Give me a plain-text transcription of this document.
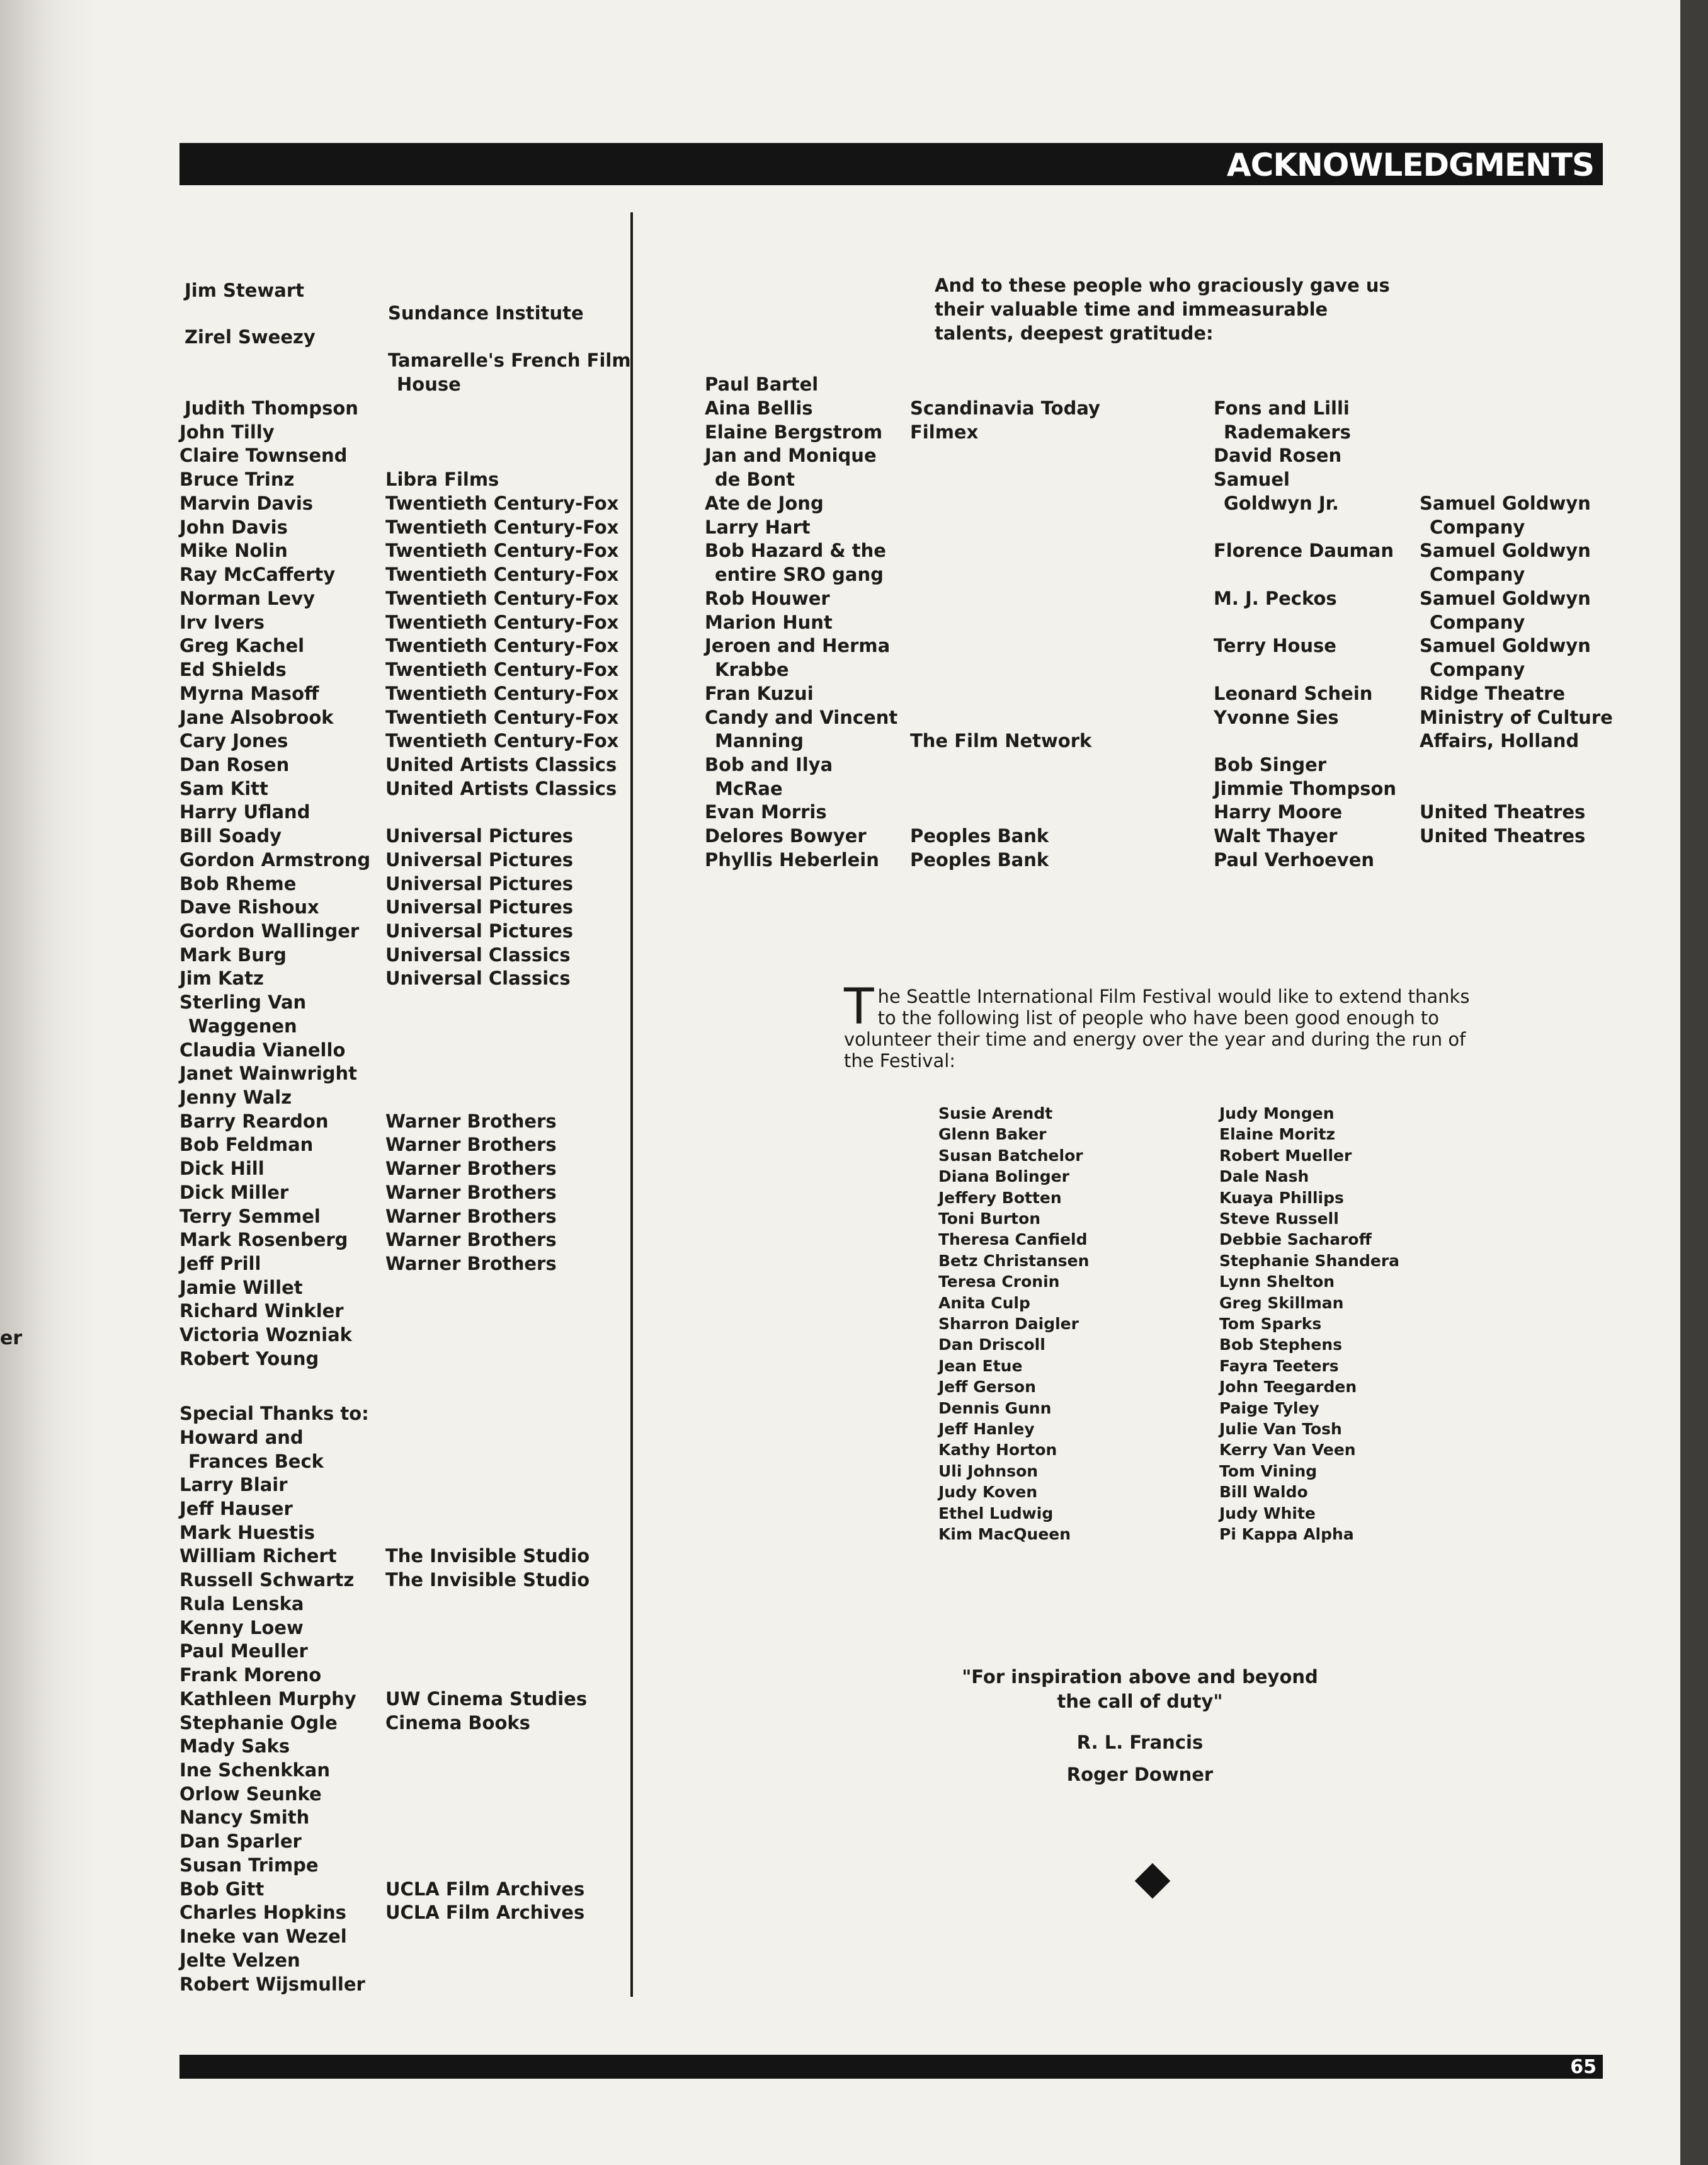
er
ACKNOWLEDGMENTS
Jim Stewart
Zirel Sweezy
Judith Thompson
John Tilly
Claire Townsend
Bruce Trinz
Marvin Davis
John Davis
Mike Nolin
Ray McCafferty
Norman Levy
Irv Ivers
Greg Kachel
Ed Shields
Myrna Masoff
Jane Alsobrook
Cary Jones
Dan Rosen
Sam Kitt
Harry Ufland
Bill Soady
Gordon Armstrong
Bob Rheme
Dave Rishoux
Gordon Wallinger
Mark Burg
Jim Katz
Sterling Van
Waggenen
Claudia Vianello
Janet Wainwright
Jenny Walz
Barry Reardon
Bob Feldman
Dick Hill
Dick Miller
Terry Semmel
Mark Rosenberg
Jeff Prill
Jamie Willet
Richard Winkler
Victoria Wozniak
Robert Young
Special Thanks to:
Howard and
Frances Beck
Larry Blair
Jeff Hauser
Mark Huestis
William Richert
Russell Schwartz
Rula Lenska
Kenny Loew
Paul Meuller
Frank Moreno
Kathleen Murphy
Stephanie Ogle
Mady Saks
Ine Schenkkan
Orlow Seunke
Nancy Smith
Dan Sparler
Susan Trimpe
Bob Gitt
Charles Hopkins
Ineke van Wezel
Jelte Velzen
Robert Wijsmuller
Sundance Institute
Tamarelle's French Film
House
Libra Films
Twentieth Century-Fox
Twentieth Century-Fox
Twentieth Century-Fox
Twentieth Century-Fox
Twentieth Century-Fox
Twentieth Century-Fox
Twentieth Century-Fox
Twentieth Century-Fox
Twentieth Century-Fox
Twentieth Century-Fox
Twentieth Century-Fox
United Artists Classics
United Artists Classics
Universal Pictures
Universal Pictures
Universal Pictures
Universal Pictures
Universal Pictures
Universal Classics
Universal Classics
Warner Brothers
Warner Brothers
Warner Brothers
Warner Brothers
Warner Brothers
Warner Brothers
Warner Brothers
The Invisible Studio
The Invisible Studio
UW Cinema Studies
Cinema Books
UCLA Film Archives
UCLA Film Archives
And to these people who graciously gave us their valuable time and immeasurable talents, deepest gratitude:
Paul Bartel
Aina Bellis
Elaine Bergstrom
Jan and Monique
de Bont
Ate de Jong
Larry Hart
Bob Hazard & the
entire SRO gang
Rob Houwer
Marion Hunt
Jeroen and Herma
Krabbe
Fran Kuzui
Candy and Vincent
Manning
Bob and Ilya
McRae
Evan Morris
Delores Bowyer
Phyllis Heberlein
Scandinavia Today
Filmex
The Film Network
Peoples Bank
Peoples Bank
Fons and Lilli
Rademakers
David Rosen
Samuel
Goldwyn Jr.
Florence Dauman
M. J. Peckos
Terry House
Leonard Schein
Yvonne Sies
Bob Singer
Jimmie Thompson
Harry Moore
Walt Thayer
Paul Verhoeven
Samuel Goldwyn
Company
Samuel Goldwyn
Company
Samuel Goldwyn
Company
Samuel Goldwyn
Company
Ridge Theatre
Ministry of Culture
Affairs, Holland
United Theatres
United Theatres
The Seattle International Film Festival would like to extend thanks to the following list of people who have been good enough to volunteer their time and energy over the year and during the run of the Festival:
Susie Arendt
Glenn Baker
Susan Batchelor
Diana Bolinger
Jeffery Botten
Toni Burton
Theresa Canfield
Betz Christansen
Teresa Cronin
Anita Culp
Sharron Daigler
Dan Driscoll
Jean Etue
Jeff Gerson
Dennis Gunn
Jeff Hanley
Kathy Horton
Uli Johnson
Judy Koven
Ethel Ludwig
Kim MacQueen
Judy Mongen
Elaine Moritz
Robert Mueller
Dale Nash
Kuaya Phillips
Steve Russell
Debbie Sacharoff
Stephanie Shandera
Lynn Shelton
Greg Skillman
Tom Sparks
Bob Stephens
Fayra Teeters
John Teegarden
Paige Tyley
Julie Van Tosh
Kerry Van Veen
Tom Vining
Bill Waldo
Judy White
Pi Kappa Alpha
"For inspiration above and beyond
the call of duty"
R. L. Francis
Roger Downer
65
